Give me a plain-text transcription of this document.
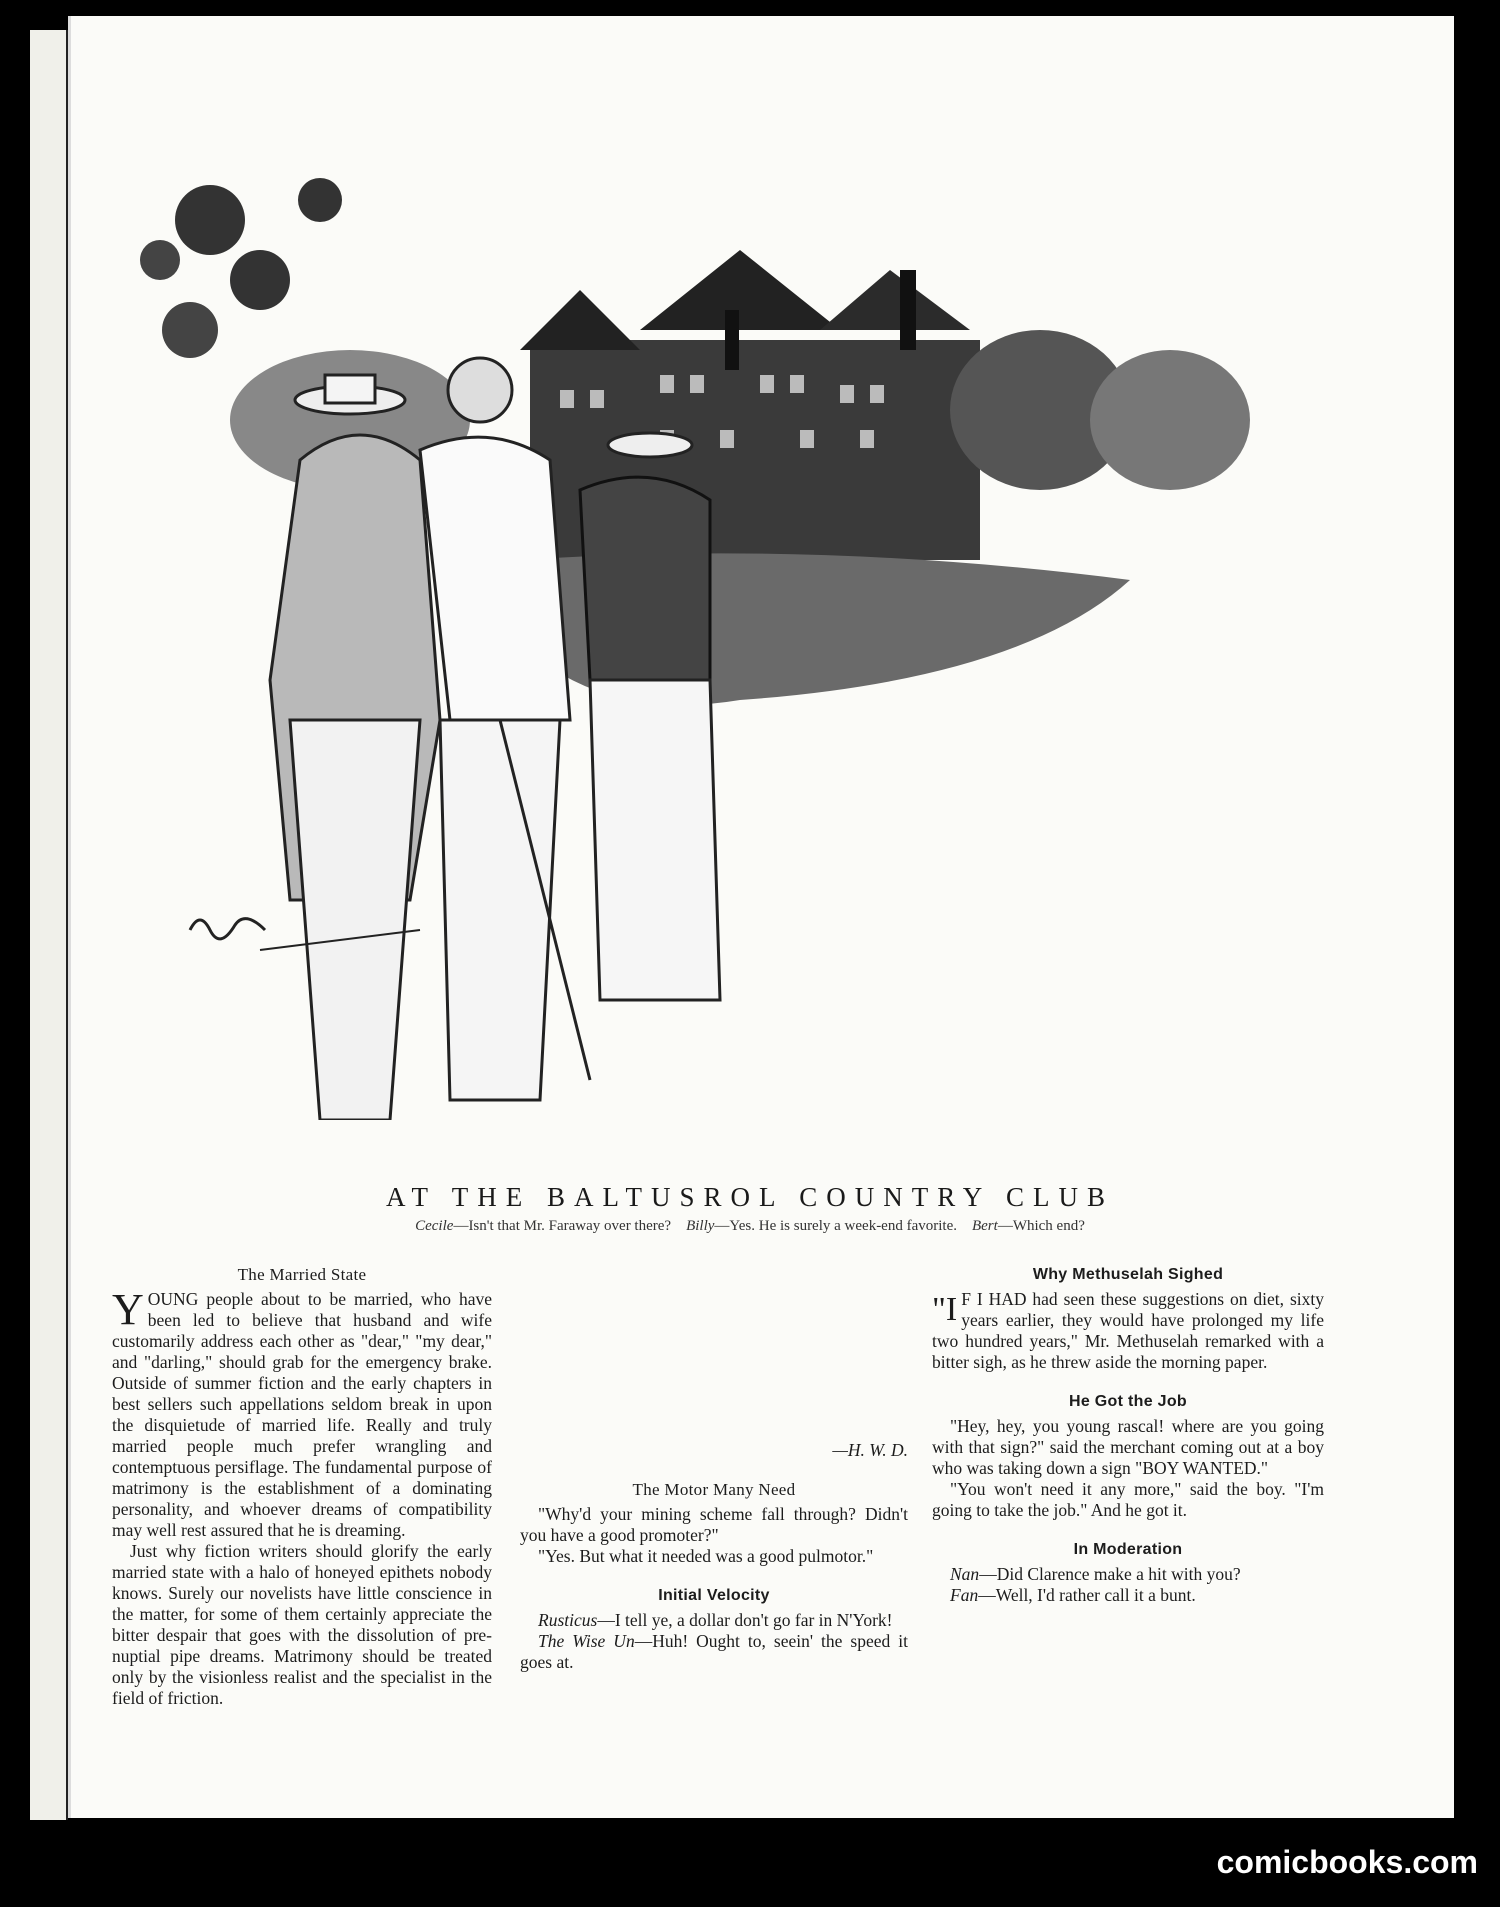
AT THE BALTUSROL COUNTRY CLUB
Cecile—Isn't that Mr. Faraway over there? Billy—Yes. He is surely a week-end favorite. Bert—Which end?
The Married State

YOUNG people about to be married, who have been led to believe that husband and wife customarily address each other as "dear," "my dear," and "darling," should grab for the emergency brake. Outside of summer fiction and the early chapters in best sellers such appellations seldom break in upon the disquietude of married life. Really and truly married people much prefer wrangling and contemptuous persiflage. The fundamental purpose of matrimony is the establishment of a dominating personality, and whoever dreams of compatibility may well rest assured that he is dreaming.

Just why fiction writers should glorify the early married state with a halo of honeyed epithets nobody knows. Surely our novelists have little conscience in the matter, for some of them certainly appreciate the bitter despair that goes with the dissolution of pre-nuptial pipe dreams. Matrimony should be treated only by the visionless realist and the specialist in the field of friction.

—H. W. D.
The Motor Many Need

"Why'd your mining scheme fall through? Didn't you have a good promoter?"

"Yes. But what it needed was a good pulmotor."

Initial Velocity

Rusticus—I tell ye, a dollar don't go far in N'York!

The Wise Un—Huh! Ought to, seein' the speed it goes at.

Why Methuselah Sighed

"I F I HAD had seen these suggestions on diet, sixty years earlier, they would have prolonged my life two hundred years," Mr. Methuselah remarked with a bitter sigh, as he threw aside the morning paper.

He Got the Job

"Hey, hey, you young rascal! where are you going with that sign?" said the merchant coming out at a boy who was taking down a sign "BOY WANTED."

"You won't need it any more," said the boy. "I'm going to take the job." And he got it.

In Moderation

Nan—Did Clarence make a hit with you?

Fan—Well, I'd rather call it a bunt.

comicbooks.com
